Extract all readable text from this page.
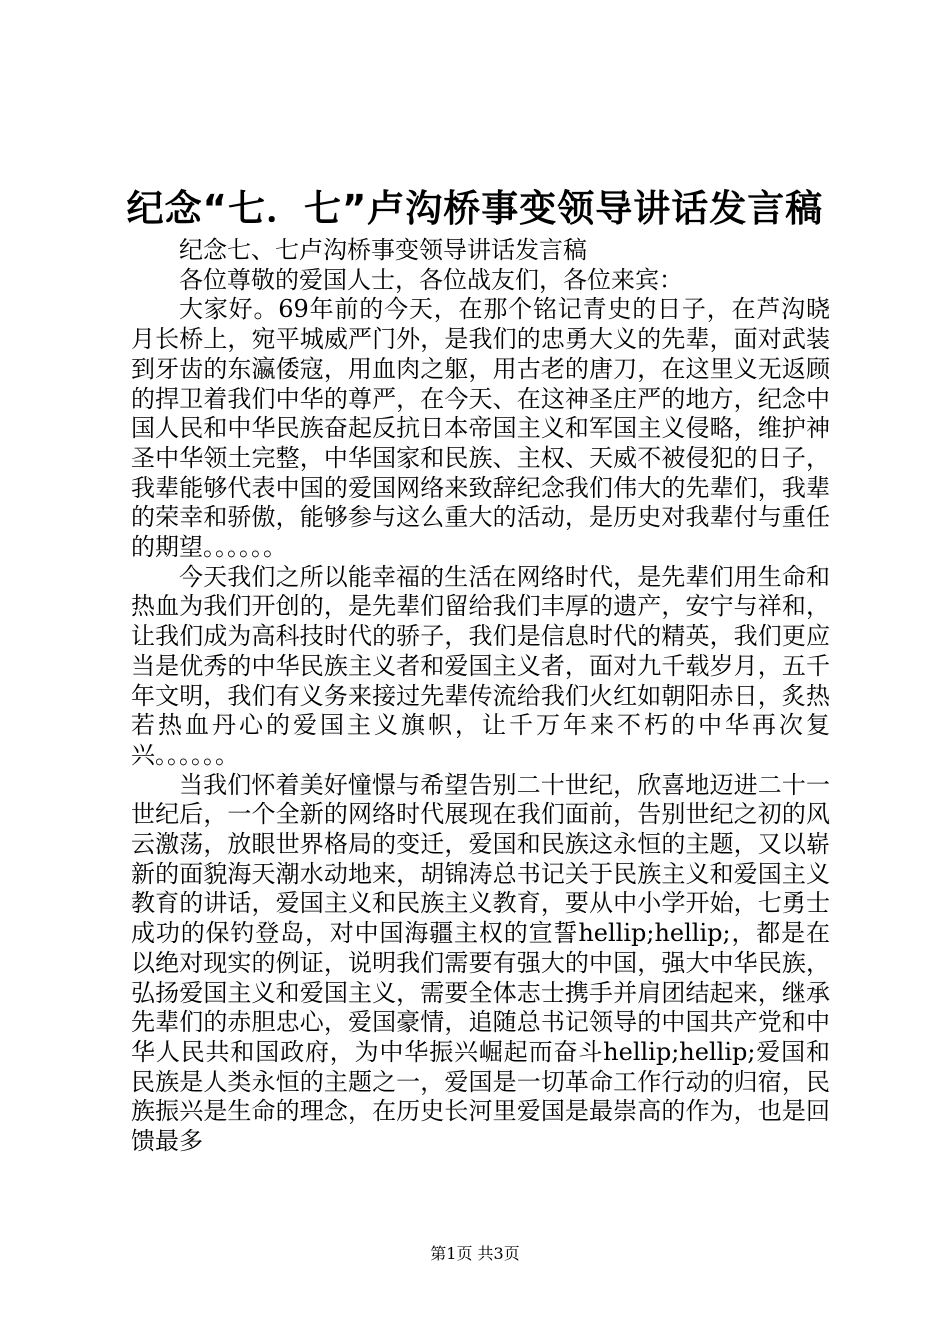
纪念“七．七”卢沟桥事变领导讲话发言稿

纪念七、七卢沟桥事变领导讲话发言稿

各位尊敬的爱国人士，各位战友们，各位来宾：

大家好。69年前的今天，在那个铭记青史的日子，在芦沟晓月长桥上，宛平城威严门外，是我们的忠勇大义的先辈，面对武装到牙齿的东瀛倭寇，用血肉之躯，用古老的唐刀，在这里义无返顾的捍卫着我们中华的尊严，在今天、在这神圣庄严的地方，纪念中国人民和中华民族奋起反抗日本帝国主义和军国主义侵略，维护神圣中华领土完整，中华国家和民族、主权、天威不被侵犯的日子，我辈能够代表中国的爱国网络来致辞纪念我们伟大的先辈们，我辈的荣幸和骄傲，能够参与这么重大的活动，是历史对我辈付与重任的期望。。。。。。

今天我们之所以能幸福的生活在网络时代，是先辈们用生命和热血为我们开创的，是先辈们留给我们丰厚的遗产，安宁与祥和，让我们成为高科技时代的骄子，我们是信息时代的精英，我们更应当是优秀的中华民族主义者和爱国主义者，面对九千载岁月，五千年文明，我们有义务来接过先辈传流给我们火红如朝阳赤日，炙热若热血丹心的爱国主义旗帜，让千万年来不朽的中华再次复兴。。。。。。

当我们怀着美好憧憬与希望告别二十世纪，欣喜地迈进二十一世纪后，一个全新的网络时代展现在我们面前，告别世纪之初的风云激荡，放眼世界格局的变迁，爱国和民族这永恒的主题，又以崭新的面貌海天潮水动地来，胡锦涛总书记关于民族主义和爱国主义教育的讲话，爱国主义和民族主义教育，要从中小学开始，七勇士成功的保钓登岛，对中国海疆主权的宣誓hellip;hellip;，都是在以绝对现实的例证，说明我们需要有强大的中国，强大中华民族，弘扬爱国主义和爱国主义，需要全体志士携手并肩团结起来，继承先辈们的赤胆忠心，爱国豪情，追随总书记领导的中国共产党和中华人民共和国政府，为中华振兴崛起而奋斗hellip;hellip;爱国和民族是人类永恒的主题之一，爱国是一切革命工作行动的归宿，民族振兴是生命的理念，在历史长河里爱国是最崇高的作为，也是回馈最多

第1页 共3页
